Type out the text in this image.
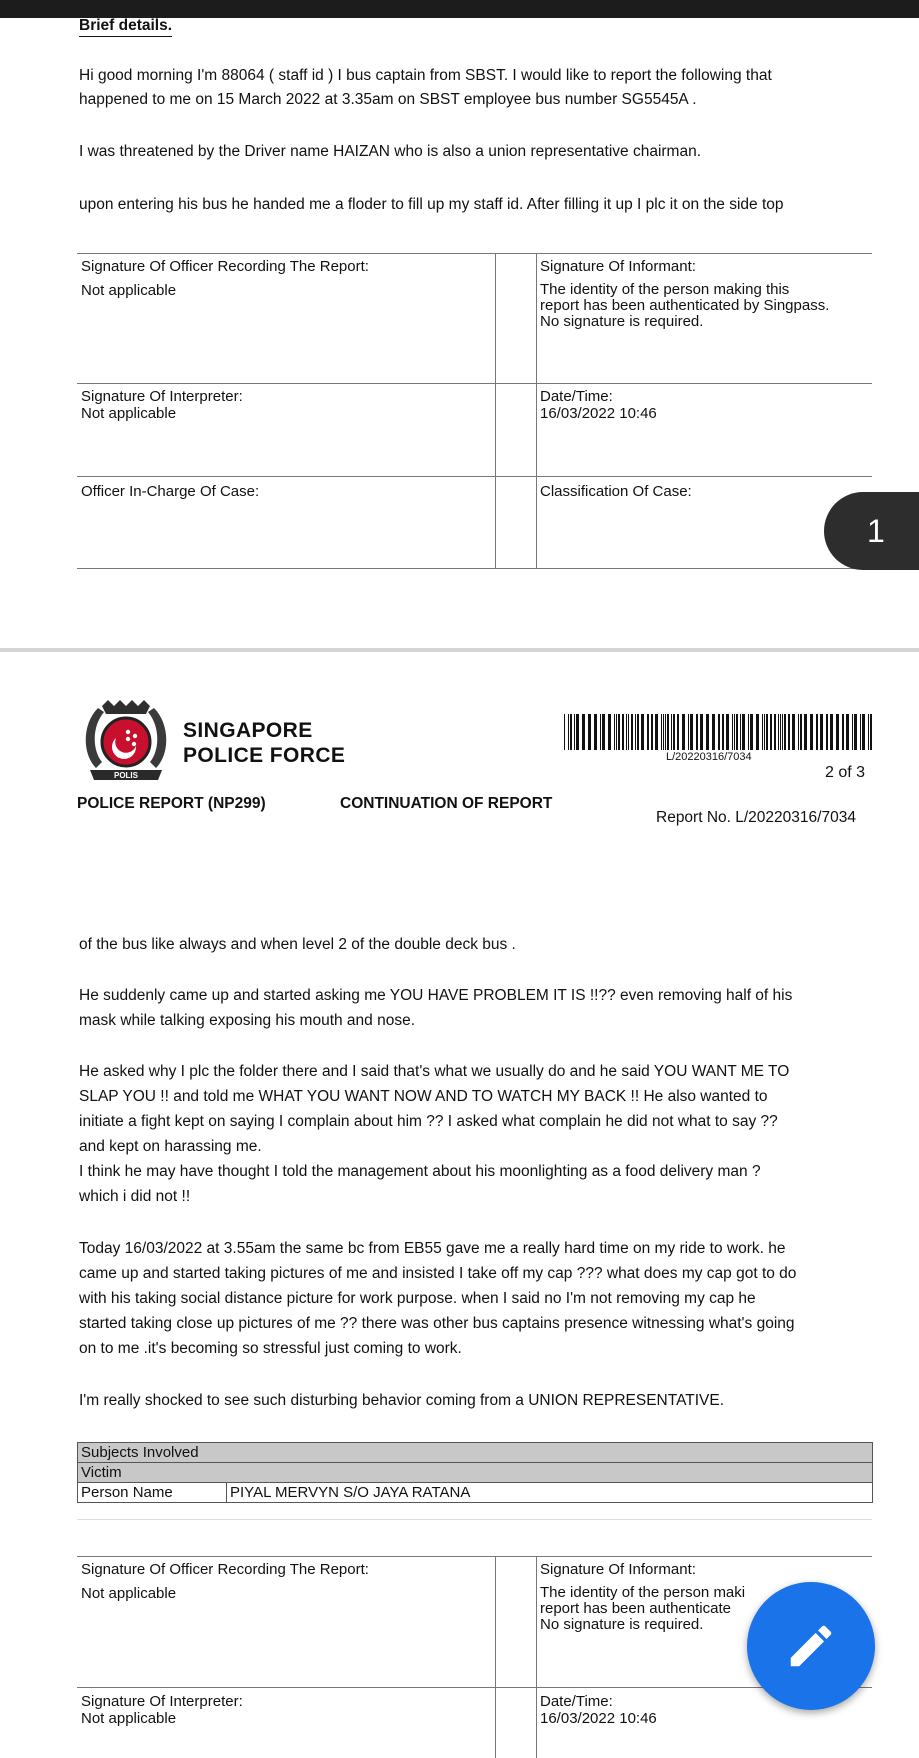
Brief details.
Hi good morning I'm 88064 ( staff id ) I bus captain from SBST. I would like to report the following that
happened to me on 15 March 2022 at 3.35am on SBST employee bus number SG5545A .
I was threatened by the Driver name HAIZAN who is also a union representative chairman.
upon entering his bus he handed me a floder to fill up my staff id. After filling it up I plc it on the side top
Signature Of Officer Recording The Report:
Not applicable
Signature Of Informant:
The identity of the person making this
report has been authenticated by Singpass.
No signature is required.
Signature Of Interpreter:
Not applicable
Date/Time:
16/03/2022 10:46
Officer In-Charge Of Case:	Classification Of Case:
1
POLIS
SINGAPORE
POLICE FORCE	L/20220316/7034
2 of 3
POLICE REPORT (NP299)	CONTINUATION OF REPORT
Report No. L/20220316/7034
of the bus like always and when level 2 of the double deck bus .
He suddenly came up and started asking me YOU HAVE PROBLEM IT IS !!?? even removing half of his
mask while talking exposing his mouth and nose.
He asked why I plc the folder there and I said that's what we usually do and he said YOU WANT ME TO
SLAP YOU !! and told me WHAT YOU WANT NOW AND TO WATCH MY BACK !! He also wanted to
initiate a fight kept on saying I complain about him ?? I asked what complain he did not what to say ??
and kept on harassing me.
I think he may have thought I told the management about his moonlighting as a food delivery man ?
which i did not !!
Today 16/03/2022 at 3.55am the same bc from EB55 gave me a really hard time on my ride to work. he
came up and started taking pictures of me and insisted I take off my cap ??? what does my cap got to do
with his taking social distance picture for work purpose. when I said no I'm not removing my cap he
started taking close up pictures of me ?? there was other bus captains presence witnessing what's going
on to me .it's becoming so stressful just coming to work.
I'm really shocked to see such disturbing behavior coming from a UNION REPRESENTATIVE.
Subjects Involved
Victim
Person Name	PIYAL MERVYN S/O JAYA RATANA
Signature Of Officer Recording The Report:
Not applicable
Signature Of Informant:
The identity of the person maki
report has been authenticate
No signature is required.
Signature Of Interpreter:
Not applicable
Date/Time:
16/03/2022 10:46
